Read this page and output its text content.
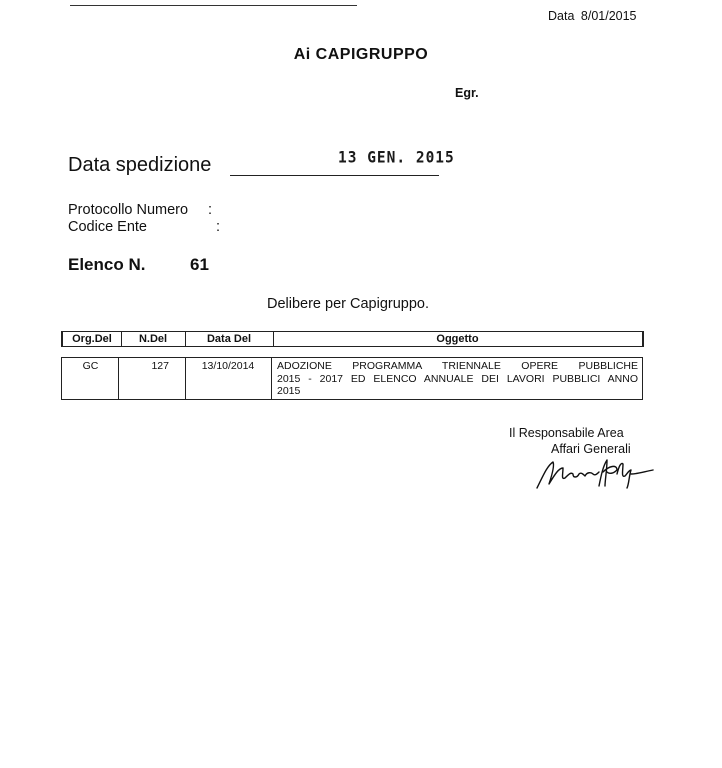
Data 8/01/2015
Ai CAPIGRUPPO
Egr.
Data spedizione	13 GEN. 2015
Protocollo Numero :
Codice Ente	:
Elenco N.	61
Delibere per Capigruppo.
Org.Del	N.Del	Data Del	Oggetto
GC	127	13/10/2014	ADOZIONE PROGRAMMA TRIENNALE OPERE PUBBLICHE
2015 - 2017 ED ELENCO ANNUALE DEI LAVORI PUBBLICI ANNO
2015
Il Responsabile Area
Affari Generali
